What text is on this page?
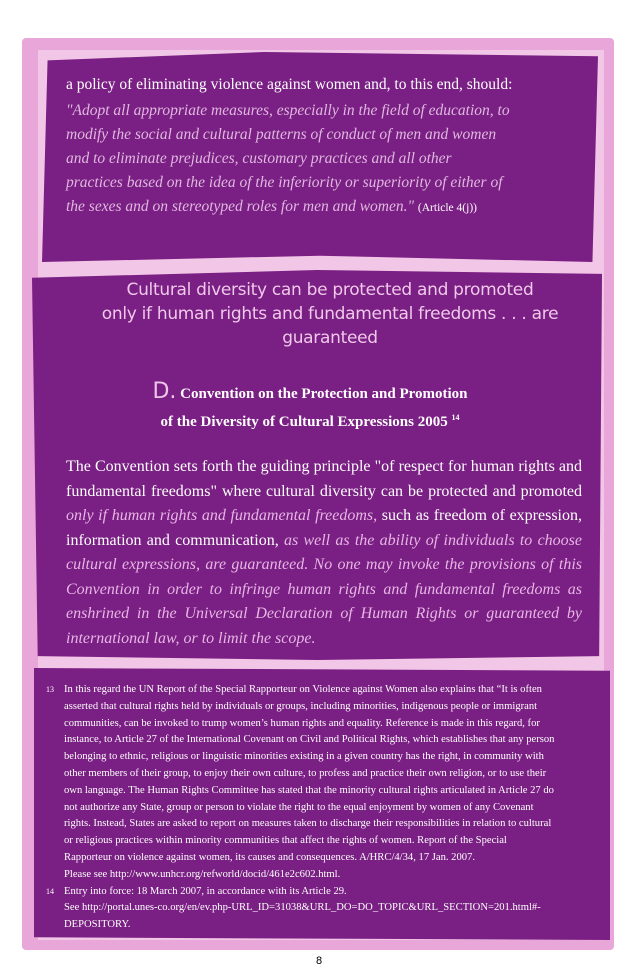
a policy of eliminating violence against women and, to this end, should:

"Adopt all appropriate measures, especially in the field of education, to
modify the social and cultural patterns of conduct of men and women
and to eliminate prejudices, customary practices and all other
practices based on the idea of the inferiority or superiority of either of
the sexes and on stereotyped roles for men and women." (Article 4(j))
Cultural diversity can be protected and promoted
only if human rights and fundamental freedoms . . . are
guaranteed
D. Convention on the Protection and Promotion
of the Diversity of Cultural Expressions 2005 $^{14}$

The Convention sets forth the guiding principle "of respect for human rights and fundamental freedoms" where cultural diversity can be protected and promoted only if human rights and fundamental freedoms, such as freedom of expression, information and communication, as well as the ability of individuals to choose cultural expressions, are guaranteed. No one may invoke the provisions of this Convention in order to infringe human rights and fundamental freedoms as enshrined in the Universal Declaration of Human Rights or guaranteed by international law, or to limit the scope.

13 In this regard the UN Report of the Special Rapporteur on Violence against Women also explains that “It is often
asserted that cultural rights held by individuals or groups, including minorities, indigenous people or immigrant
communities, can be invoked to trump women’s human rights and equality. Reference is made in this regard, for
instance, to Article 27 of the International Covenant on Civil and Political Rights, which establishes that any person
belonging to ethnic, religious or linguistic minorities existing in a given country has the right, in community with
other members of their group, to enjoy their own culture, to profess and practice their own religion, or to use their
own language. The Human Rights Committee has stated that the minority cultural rights articulated in Article 27 do
not authorize any State, group or person to violate the right to the equal enjoyment by women of any Covenant
rights. Instead, States are asked to report on measures taken to discharge their responsibilities in relation to cultural
or religious practices within minority communities that affect the rights of women. Report of the Special
Rapporteur on violence against women, its causes and consequences. A/HRC/4/34, 17 Jan. 2007.
Please see http://www.unhcr.org/refworld/docid/461e2c602.html.
14 Entry into force: 18 March 2007, in accordance with its Article 29.
See http://portal.unes-co.org/en/ev.php-URL_ID=31038&URL_DO=DO_TOPIC&URL_SECTION=201.html#-
DEPOSITORY.
8
